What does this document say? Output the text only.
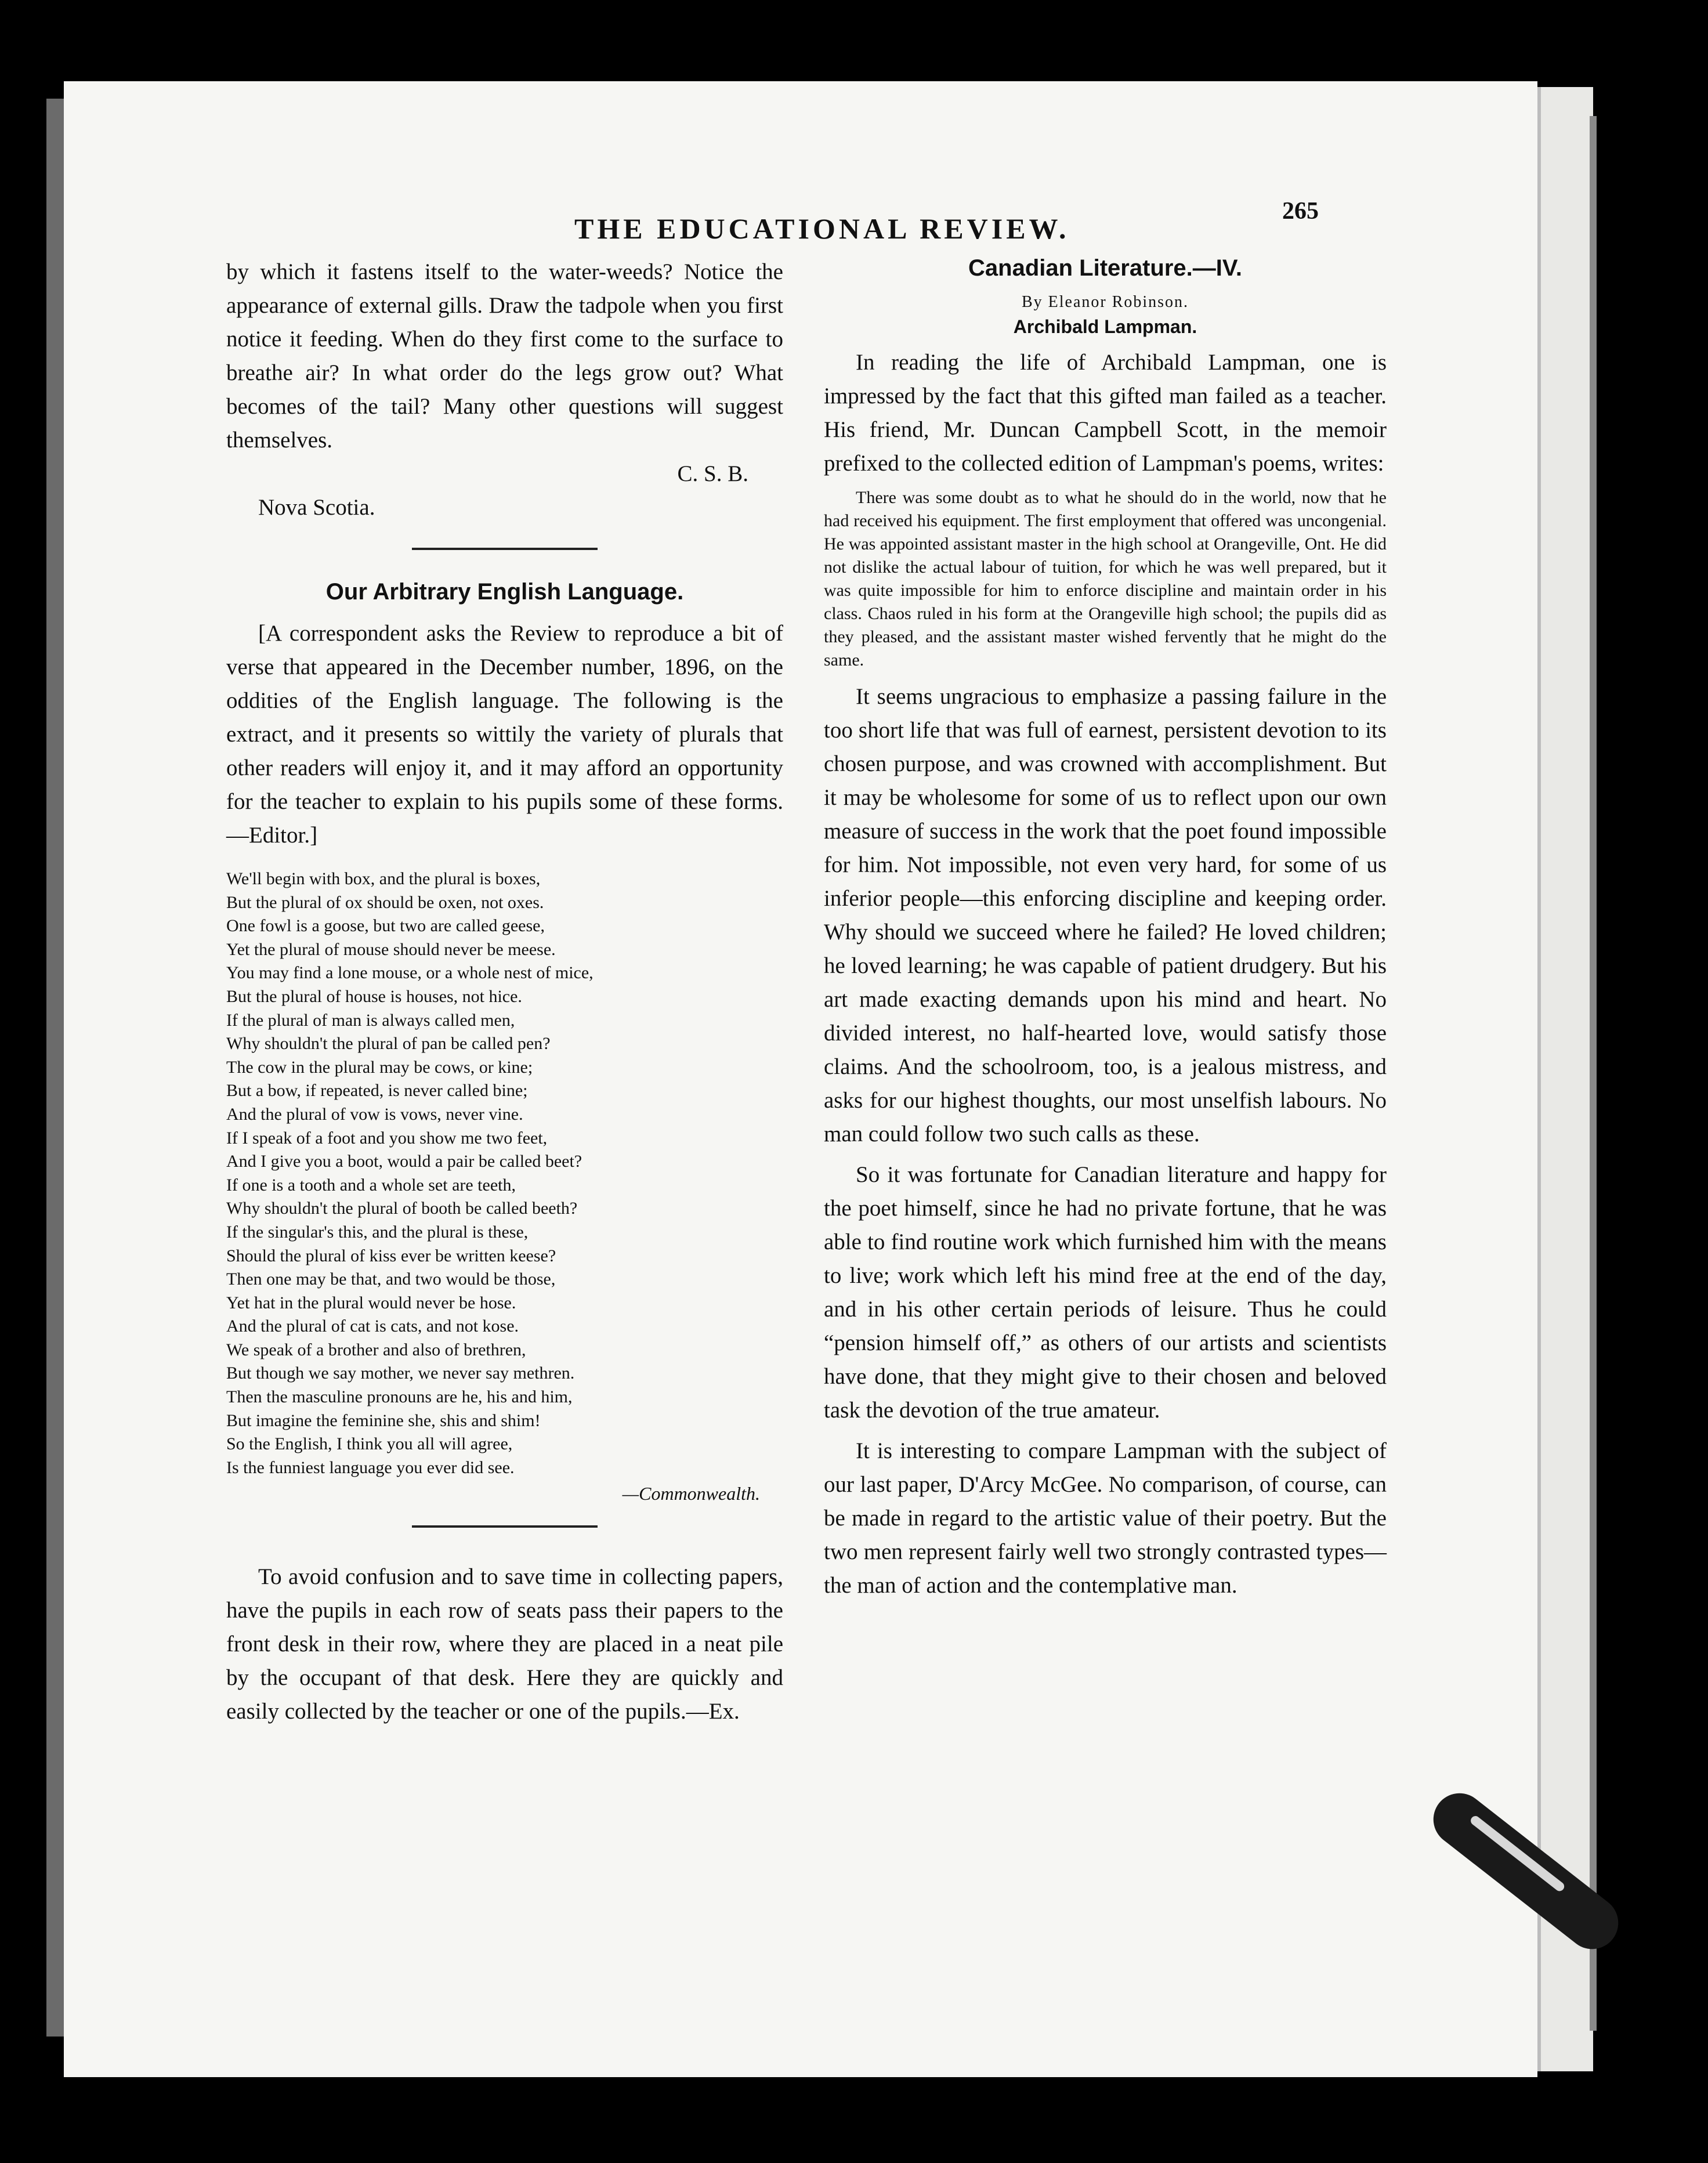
THE EDUCATIONAL REVIEW.
265

by which it fastens itself to the water-weeds? Notice the appearance of external gills. Draw the tadpole when you first notice it feeding. When do they first come to the surface to breathe air? In what order do the legs grow out? What becomes of the tail? Many other questions will suggest themselves.

C. S. B.

Nova Scotia.

Our Arbitrary English Language.

[A correspondent asks the Review to reproduce a bit of verse that appeared in the December number, 1896, on the oddities of the English language. The following is the extract, and it presents so wittily the variety of plurals that other readers will enjoy it, and it may afford an opportunity for the teacher to explain to his pupils some of these forms. —Editor.]

We'll begin with box, and the plural is boxes,
But the plural of ox should be oxen, not oxes.
One fowl is a goose, but two are called geese,
Yet the plural of mouse should never be meese.
You may find a lone mouse, or a whole nest of mice,
But the plural of house is houses, not hice.
If the plural of man is always called men,
Why shouldn't the plural of pan be called pen?
The cow in the plural may be cows, or kine;
But a bow, if repeated, is never called bine;
And the plural of vow is vows, never vine.
If I speak of a foot and you show me two feet,
And I give you a boot, would a pair be called beet?
If one is a tooth and a whole set are teeth,
Why shouldn't the plural of booth be called beeth?
If the singular's this, and the plural is these,
Should the plural of kiss ever be written keese?
Then one may be that, and two would be those,
Yet hat in the plural would never be hose.
And the plural of cat is cats, and not kose.
We speak of a brother and also of brethren,
But though we say mother, we never say methren.
Then the masculine pronouns are he, his and him,
But imagine the feminine she, shis and shim!
So the English, I think you all will agree,
Is the funniest language you ever did see.
—Commonwealth.

To avoid confusion and to save time in collecting papers, have the pupils in each row of seats pass their papers to the front desk in their row, where they are placed in a neat pile by the occupant of that desk. Here they are quickly and easily collected by the teacher or one of the pupils.—Ex.

Canadian Literature.—IV.
By Eleanor Robinson.
Archibald Lampman.

In reading the life of Archibald Lampman, one is impressed by the fact that this gifted man failed as a teacher. His friend, Mr. Duncan Campbell Scott, in the memoir prefixed to the collected edition of Lampman's poems, writes:

There was some doubt as to what he should do in the world, now that he had received his equipment. The first employment that offered was uncongenial. He was appointed assistant master in the high school at Orangeville, Ont. He did not dislike the actual labour of tuition, for which he was well prepared, but it was quite impossible for him to enforce discipline and maintain order in his class. Chaos ruled in his form at the Orangeville high school; the pupils did as they pleased, and the assistant master wished fervently that he might do the same.

It seems ungracious to emphasize a passing failure in the too short life that was full of earnest, persistent devotion to its chosen purpose, and was crowned with accomplishment. But it may be wholesome for some of us to reflect upon our own measure of success in the work that the poet found impossible for him. Not impossible, not even very hard, for some of us inferior people—this enforcing discipline and keeping order. Why should we succeed where he failed? He loved children; he loved learning; he was capable of patient drudgery. But his art made exacting demands upon his mind and heart. No divided interest, no half-hearted love, would satisfy those claims. And the schoolroom, too, is a jealous mistress, and asks for our highest thoughts, our most unselfish labours. No man could follow two such calls as these.

So it was fortunate for Canadian literature and happy for the poet himself, since he had no private fortune, that he was able to find routine work which furnished him with the means to live; work which left his mind free at the end of the day, and in his other certain periods of leisure. Thus he could “pension himself off,” as others of our artists and scientists have done, that they might give to their chosen and beloved task the devotion of the true amateur.

It is interesting to compare Lampman with the subject of our last paper, D'Arcy McGee. No comparison, of course, can be made in regard to the artistic value of their poetry. But the two men represent fairly well two strongly contrasted types—the man of action and the contemplative man.
